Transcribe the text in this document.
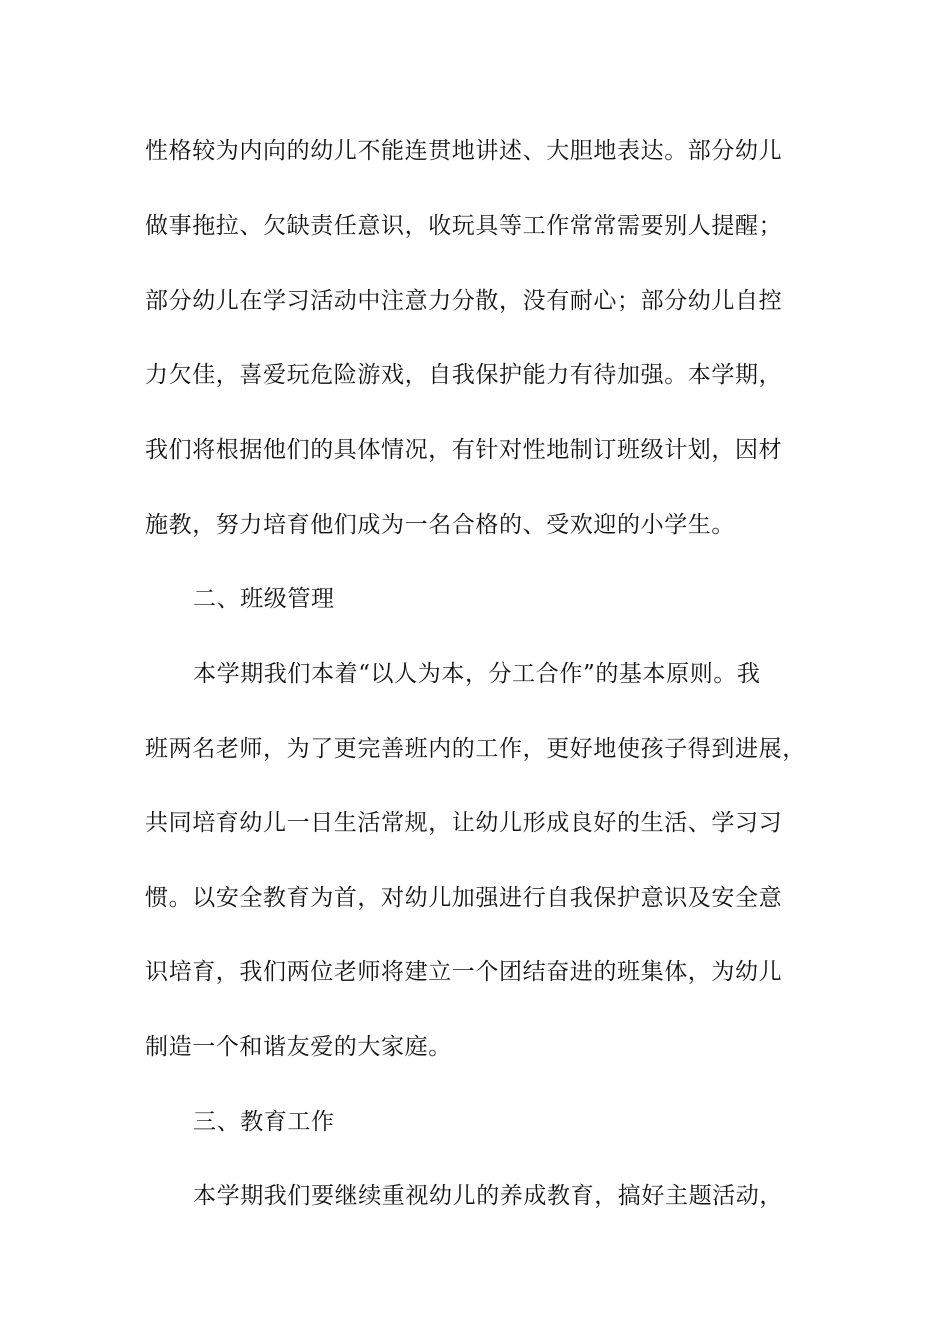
性格较为内向的幼儿不能连贯地讲述、大胆地表达。部分幼儿
做事拖拉、欠缺责任意识，收玩具等工作常常需要别人提醒；
部分幼儿在学习活动中注意力分散，没有耐心；部分幼儿自控
力欠佳，喜爱玩危险游戏，自我保护能力有待加强。本学期，
我们将根据他们的具体情况，有针对性地制订班级计划，因材
施教，努力培育他们成为一名合格的、受欢迎的小学生。
二、班级管理
本学期我们本着“以人为本，分工合作”的基本原则。我
班两名老师，为了更完善班内的工作，更好地使孩子得到进展，
共同培育幼儿一日生活常规，让幼儿形成良好的生活、学习习
惯。以安全教育为首，对幼儿加强进行自我保护意识及安全意
识培育，我们两位老师将建立一个团结奋进的班集体，为幼儿
制造一个和谐友爱的大家庭。
三、教育工作
本学期我们要继续重视幼儿的养成教育，搞好主题活动，
